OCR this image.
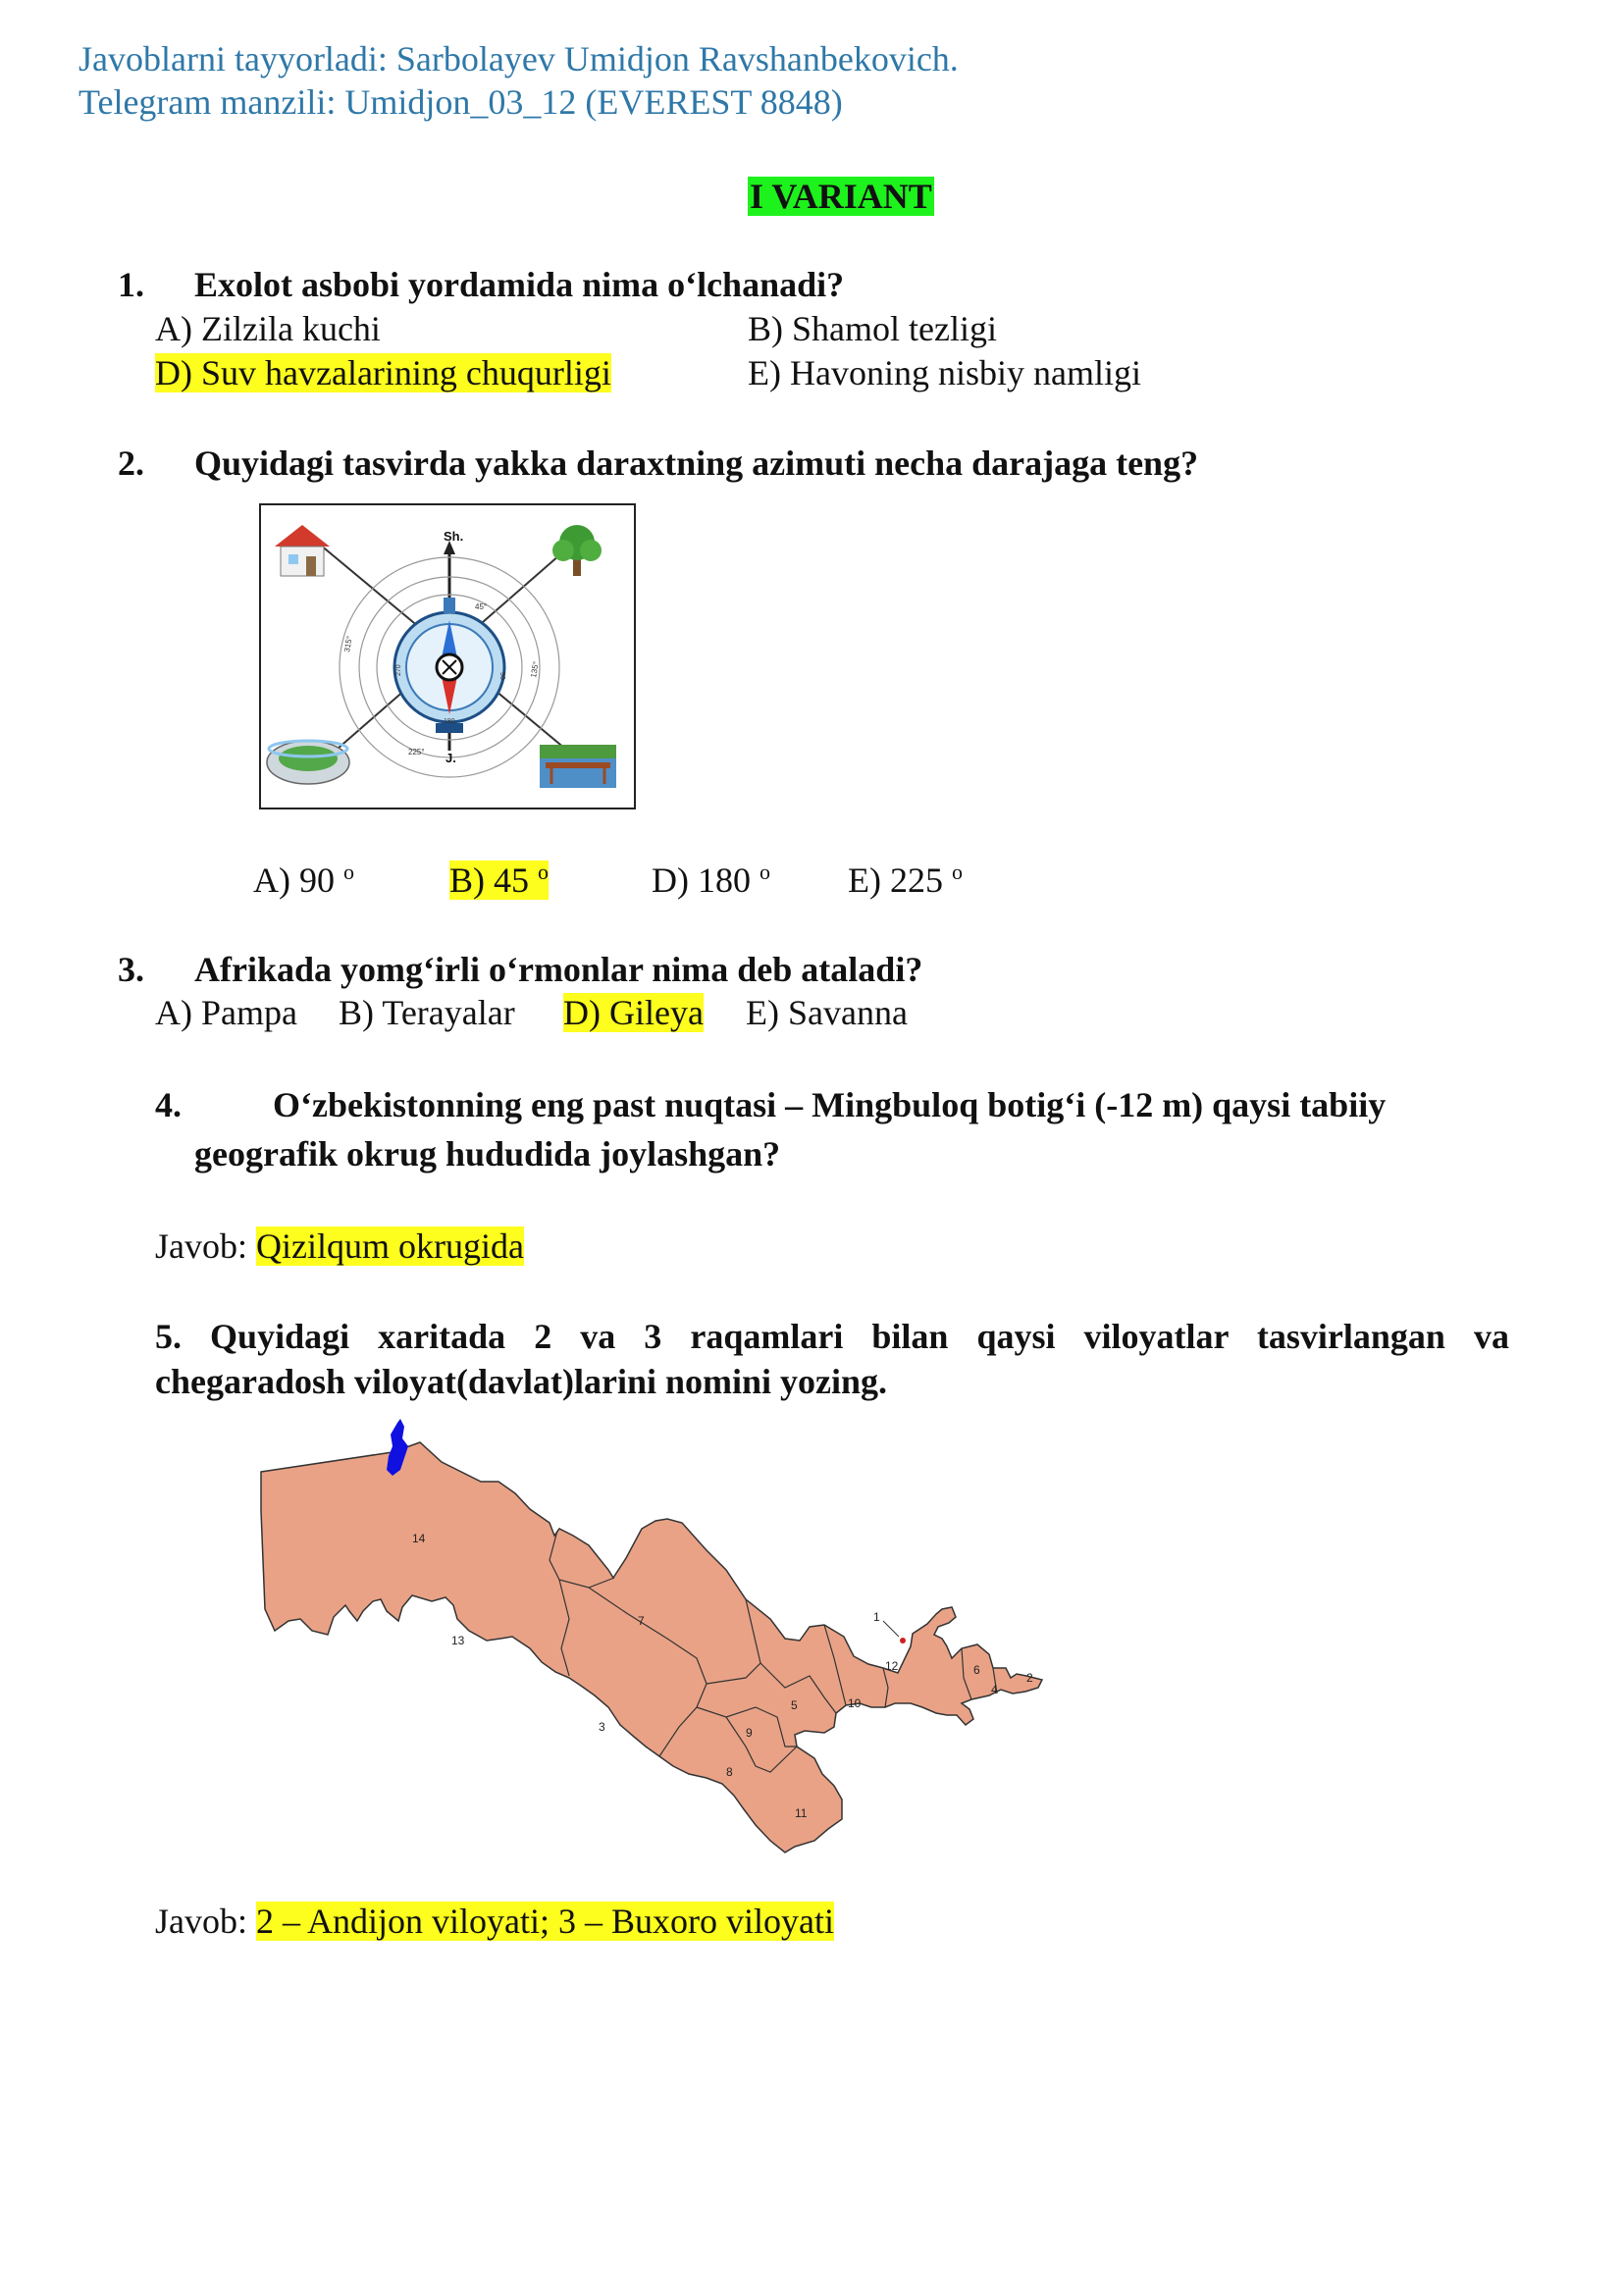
Javoblarni tayyorladi: Sarbolayev Umidjon Ravshanbekovich.
Telegram manzili: Umidjon_03_12 (EVEREST 8848)
I VARIANT
1. Exolot asbobi yordamida nima o‘lchanadi?
A) Zilzila kuchi	B) Shamol tezligi
D) Suv havzalarining chuqurligi	E) Havoning nisbiy namligi
2. Quyidagi tasvirda yakka daraxtning azimuti necha darajaga teng?
Sh.
J.
45°
315°
135°
225°
270	90
180
A) 90 $^o$	B) 45 $^o$	D) 180 $^o$ E) 225 $^o$
3. Afrikada yomg‘irli o‘rmonlar nima deb ataladi?
A) Pampa B) Terayalar D) Gileya E) Savanna
4.	O‘zbekistonning eng past nuqtasi – Mingbuloq botig‘i (-12 m) qaysi tabiiy
geografik okrug hududida joylashgan?
Javob: Qizilqum okrugida
5. Quyidagi xaritada 2 va 3 raqamlari bilan qaysi viloyatlar tasvirlangan va
chegaradosh viloyat(davlat)larini nomini yozing.
14
13
7
3	9
5
8
11
10
12
1
6
4
2
Javob: 2 – Andijon viloyati; 3 – Buxoro viloyati
